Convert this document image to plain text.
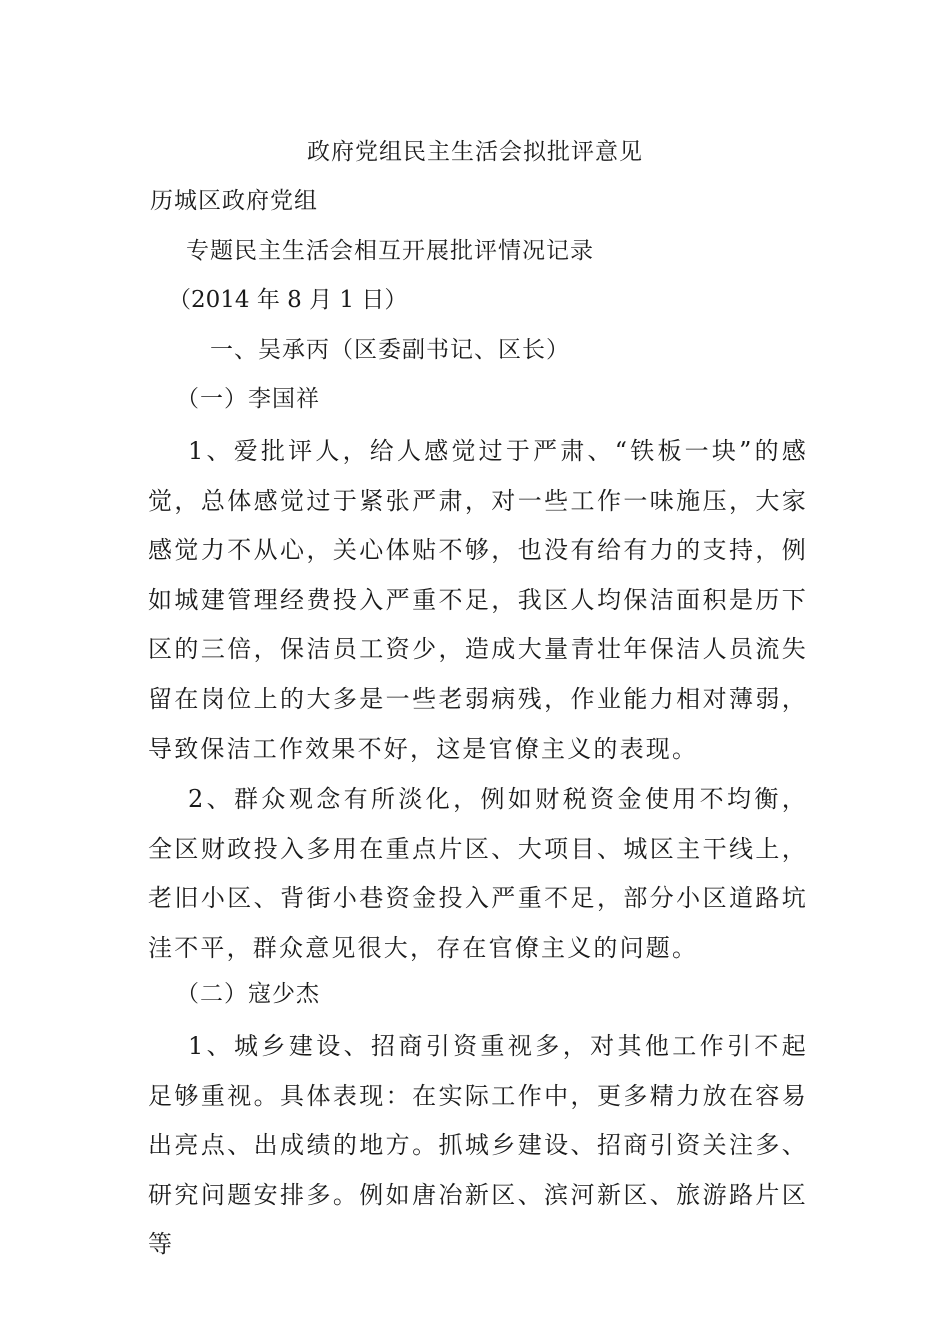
政府党组民主生活会拟批评意见
历城区政府党组
专题民主生活会相互开展批评情况记录
（2014 年 8 月 1 日）
一、吴承丙（区委副书记、区长）
（一）李国祥

1、爱批评人，给人感觉过于严肃、“铁板一块”的感觉，总体感觉过于紧张严肃，对一些工作一味施压，大家感觉力不从心，关心体贴不够，也没有给有力的支持，例如城建管理经费投入严重不足，我区人均保洁面积是历下区的三倍，保洁员工资少，造成大量青壮年保洁人员流失留在岗位上的大多是一些老弱病残，作业能力相对薄弱，导致保洁工作效果不好，这是官僚主义的表现。

2、群众观念有所淡化，例如财税资金使用不均衡，全区财政投入多用在重点片区、大项目、城区主干线上，老旧小区、背街小巷资金投入严重不足，部分小区道路坑洼不平，群众意见很大，存在官僚主义的问题。

（二）寇少杰

1、城乡建设、招商引资重视多，对其他工作引不起足够重视。具体表现：在实际工作中，更多精力放在容易出亮点、出成绩的地方。抓城乡建设、招商引资关注多、研究问题安排多。例如唐冶新区、滨河新区、旅游路片区等
